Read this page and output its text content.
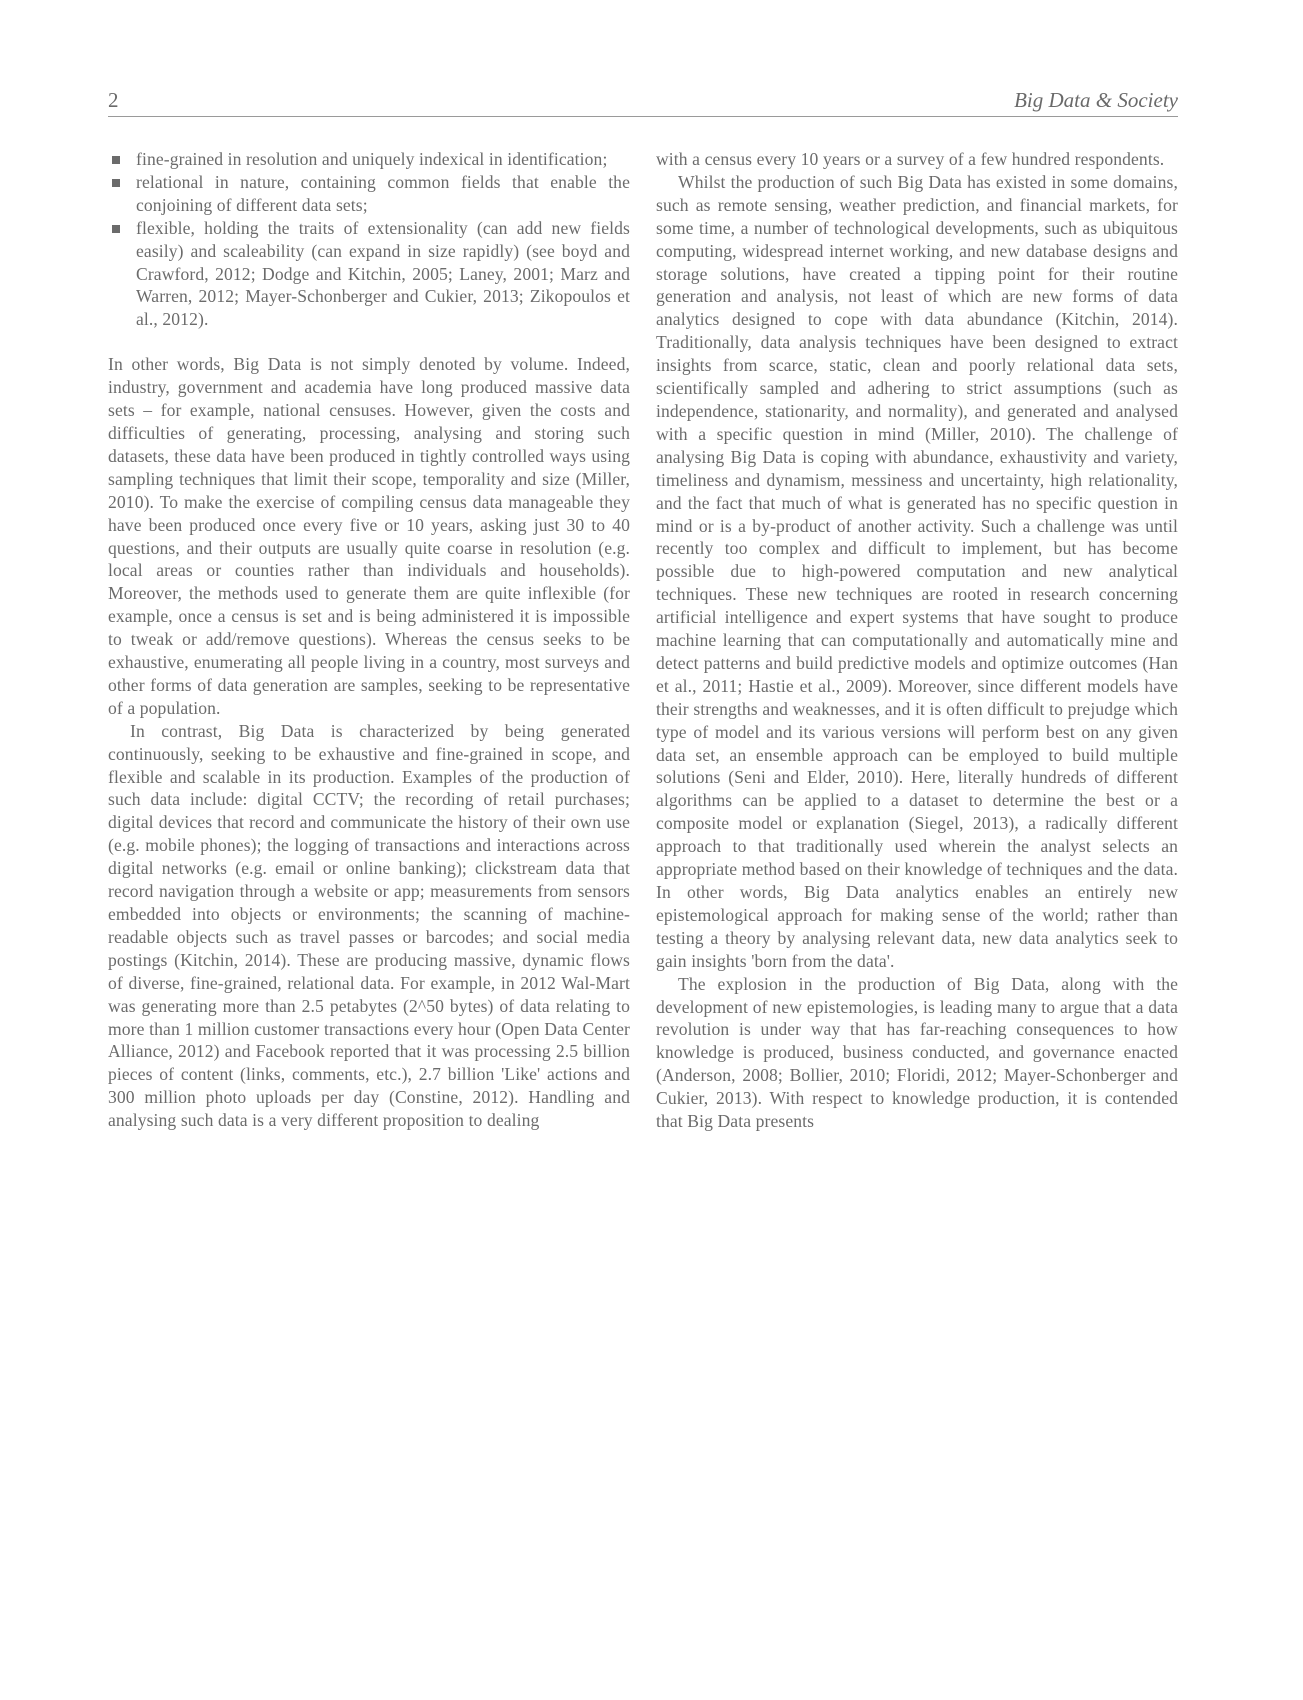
2	Big Data & Society
fine-grained in resolution and uniquely indexical in identification;
relational in nature, containing common fields that enable the conjoining of different data sets;
flexible, holding the traits of extensionality (can add new fields easily) and scaleability (can expand in size rapidly) (see boyd and Crawford, 2012; Dodge and Kitchin, 2005; Laney, 2001; Marz and Warren, 2012; Mayer-Schonberger and Cukier, 2013; Zikopoulos et al., 2012).

In other words, Big Data is not simply denoted by volume. Indeed, industry, government and academia have long produced massive data sets – for example, national censuses. However, given the costs and difficulties of generating, processing, analysing and storing such datasets, these data have been produced in tightly controlled ways using sampling techniques that limit their scope, temporality and size (Miller, 2010). To make the exercise of compiling census data manageable they have been produced once every five or 10 years, asking just 30 to 40 questions, and their outputs are usually quite coarse in resolution (e.g. local areas or counties rather than individuals and households). Moreover, the methods used to generate them are quite inflexible (for example, once a census is set and is being administered it is impossible to tweak or add/remove questions). Whereas the census seeks to be exhaustive, enumerating all people living in a country, most surveys and other forms of data generation are samples, seeking to be representative of a population.

In contrast, Big Data is characterized by being generated continuously, seeking to be exhaustive and fine-grained in scope, and flexible and scalable in its production. Examples of the production of such data include: digital CCTV; the recording of retail purchases; digital devices that record and communicate the history of their own use (e.g. mobile phones); the logging of transactions and interactions across digital networks (e.g. email or online banking); clickstream data that record navigation through a website or app; measurements from sensors embedded into objects or environments; the scanning of machine-readable objects such as travel passes or barcodes; and social media postings (Kitchin, 2014). These are producing massive, dynamic flows of diverse, fine-grained, relational data. For example, in 2012 Wal-Mart was generating more than 2.5 petabytes (2^50 bytes) of data relating to more than 1 million customer transactions every hour (Open Data Center Alliance, 2012) and Facebook reported that it was processing 2.5 billion pieces of content (links, comments, etc.), 2.7 billion 'Like' actions and 300 million photo uploads per day (Constine, 2012). Handling and analysing such data is a very different proposition to dealing

with a census every 10 years or a survey of a few hundred respondents.

Whilst the production of such Big Data has existed in some domains, such as remote sensing, weather prediction, and financial markets, for some time, a number of technological developments, such as ubiquitous computing, widespread internet working, and new database designs and storage solutions, have created a tipping point for their routine generation and analysis, not least of which are new forms of data analytics designed to cope with data abundance (Kitchin, 2014). Traditionally, data analysis techniques have been designed to extract insights from scarce, static, clean and poorly relational data sets, scientifically sampled and adhering to strict assumptions (such as independence, stationarity, and normality), and generated and analysed with a specific question in mind (Miller, 2010). The challenge of analysing Big Data is coping with abundance, exhaustivity and variety, timeliness and dynamism, messiness and uncertainty, high relationality, and the fact that much of what is generated has no specific question in mind or is a by-product of another activity. Such a challenge was until recently too complex and difficult to implement, but has become possible due to high-powered computation and new analytical techniques. These new techniques are rooted in research concerning artificial intelligence and expert systems that have sought to produce machine learning that can computationally and automatically mine and detect patterns and build predictive models and optimize outcomes (Han et al., 2011; Hastie et al., 2009). Moreover, since different models have their strengths and weaknesses, and it is often difficult to prejudge which type of model and its various versions will perform best on any given data set, an ensemble approach can be employed to build multiple solutions (Seni and Elder, 2010). Here, literally hundreds of different algorithms can be applied to a dataset to determine the best or a composite model or explanation (Siegel, 2013), a radically different approach to that traditionally used wherein the analyst selects an appropriate method based on their knowledge of techniques and the data. In other words, Big Data analytics enables an entirely new epistemological approach for making sense of the world; rather than testing a theory by analysing relevant data, new data analytics seek to gain insights 'born from the data'.

The explosion in the production of Big Data, along with the development of new epistemologies, is leading many to argue that a data revolution is under way that has far-reaching consequences to how knowledge is produced, business conducted, and governance enacted (Anderson, 2008; Bollier, 2010; Floridi, 2012; Mayer-Schonberger and Cukier, 2013). With respect to knowledge production, it is contended that Big Data presents
